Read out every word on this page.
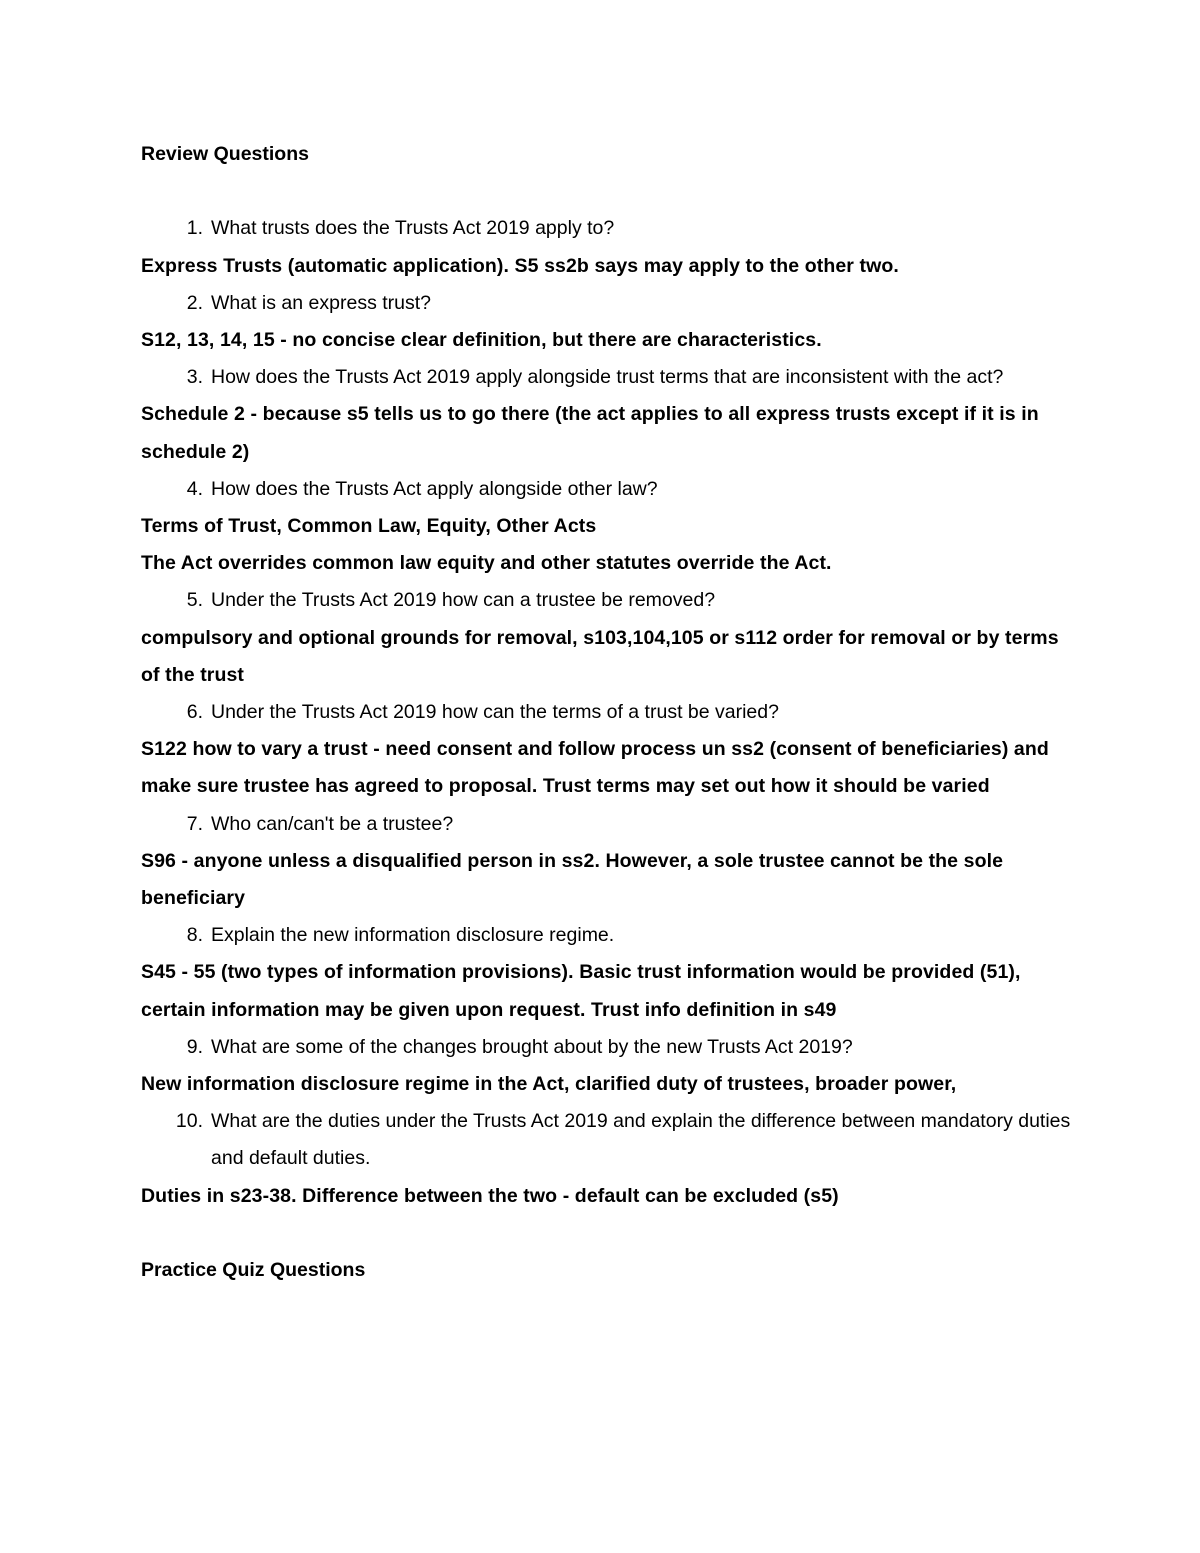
Review Questions

1. What trusts does the Trusts Act 2019 apply to?

Express Trusts (automatic application). S5 ss2b says may apply to the other two.

2. What is an express trust?

S12, 13, 14, 15 - no concise clear definition, but there are characteristics.

3. How does the Trusts Act 2019 apply alongside trust terms that are inconsistent with the act?

Schedule 2 - because s5 tells us to go there (the act applies to all express trusts except if it is in schedule 2)

4. How does the Trusts Act apply alongside other law?

Terms of Trust, Common Law, Equity, Other Acts

The Act overrides common law equity and other statutes override the Act.

5. Under the Trusts Act 2019 how can a trustee be removed?

compulsory and optional grounds for removal, s103,104,105 or s112 order for removal or by terms of the trust

6. Under the Trusts Act 2019 how can the terms of a trust be varied?

S122 how to vary a trust - need consent and follow process un ss2 (consent of beneficiaries) and make sure trustee has agreed to proposal. Trust terms may set out how it should be varied

7. Who can/can't be a trustee?

S96 - anyone unless a disqualified person in ss2. However, a sole trustee cannot be the sole beneficiary

8. Explain the new information disclosure regime.

S45 - 55 (two types of information provisions). Basic trust information would be provided (51), certain information may be given upon request. Trust info definition in s49

9. What are some of the changes brought about by the new Trusts Act 2019?

New information disclosure regime in the Act, clarified duty of trustees, broader power,

10. What are the duties under the Trusts Act 2019 and explain the difference between mandatory duties and default duties.

Duties in s23-38. Difference between the two - default can be excluded (s5)

Practice Quiz Questions
